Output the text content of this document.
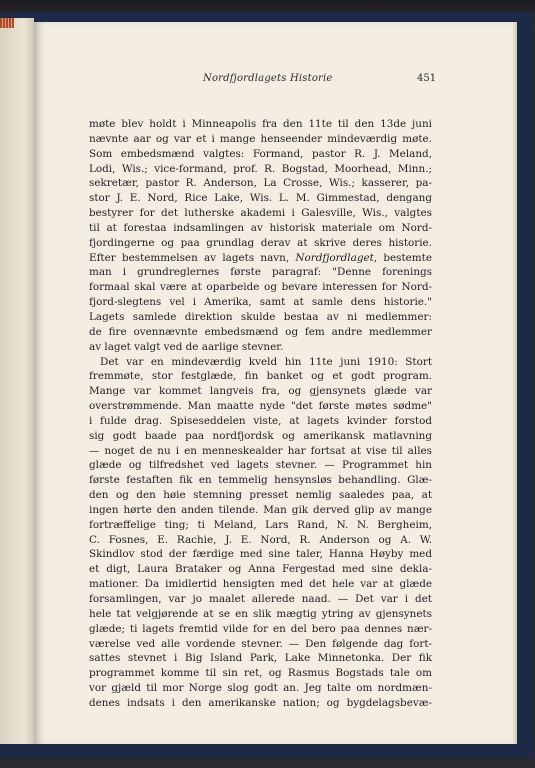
Nordfjordlagets Historie	451
møte blev holdt i Minneapolis fra den 11te til den 13de juni
nævnte aar og var et i mange henseender mindeværdig møte.
Som embedsmænd valgtes: Formand, pastor R. J. Meland,
Lodi, Wis.; vice-formand, prof. R. Bogstad, Moorhead, Minn.;
sekretær, pastor R. Anderson, La Crosse, Wis.; kasserer, pa-
stor J. E. Nord, Rice Lake, Wis. L. M. Gimmestad, dengang
bestyrer for det lutherske akademi i Galesville, Wis., valgtes
til at forestaa indsamlingen av historisk materiale om Nord-
fjordingerne og paa grundlag derav at skrive deres historie.
Efter bestemmelsen av lagets navn, Nordfjordlaget, bestemte
man i grundreglernes første paragraf: "Denne forenings
formaal skal være at oparbeide og bevare interessen for Nord-
fjord-slegtens vel i Amerika, samt at samle dens historie."
Lagets samlede direktion skulde bestaa av ni medlemmer:
de fire ovennævnte embedsmænd og fem andre medlemmer
av laget valgt ved de aarlige stevner.
Det var en mindeværdig kveld hin 11te juni 1910: Stort
fremmøte, stor festglæde, fin banket og et godt program.
Mange var kommet langveis fra, og gjensynets glæde var
overstrømmende. Man maatte nyde "det første møtes sødme"
i fulde drag. Spiseseddelen viste, at lagets kvinder forstod
sig godt baade paa nordfjordsk og amerikansk matlavning
— noget de nu i en menneskealder har fortsat at vise til alles
glæde og tilfredshet ved lagets stevner. — Programmet hin
første festaften fik en temmelig hensynsløs behandling. Glæ-
den og den høie stemning presset nemlig saaledes paa, at
ingen hørte den anden tilende. Man gik derved glip av mange
fortræffelige ting; ti Meland, Lars Rand, N. N. Bergheim,
C. Fosnes, E. Rachie, J. E. Nord, R. Anderson og A. W.
Skindlov stod der færdige med sine taler, Hanna Høyby med
et digt, Laura Brataker og Anna Fergestad med sine dekla-
mationer. Da imidlertid hensigten med det hele var at glæde
forsamlingen, var jo maalet allerede naad. — Det var i det
hele tat velgjørende at se en slik mægtig ytring av gjensynets
glæde; ti lagets fremtid vilde for en del bero paa dennes nær-
værelse ved alle vordende stevner. — Den følgende dag fort-
sattes stevnet i Big Island Park, Lake Minnetonka. Der fik
programmet komme til sin ret, og Rasmus Bogstads tale om
vor gjæld til mor Norge slog godt an. Jeg talte om nordmæn-
denes indsats i den amerikanske nation; og bygdelagsbevæ-
